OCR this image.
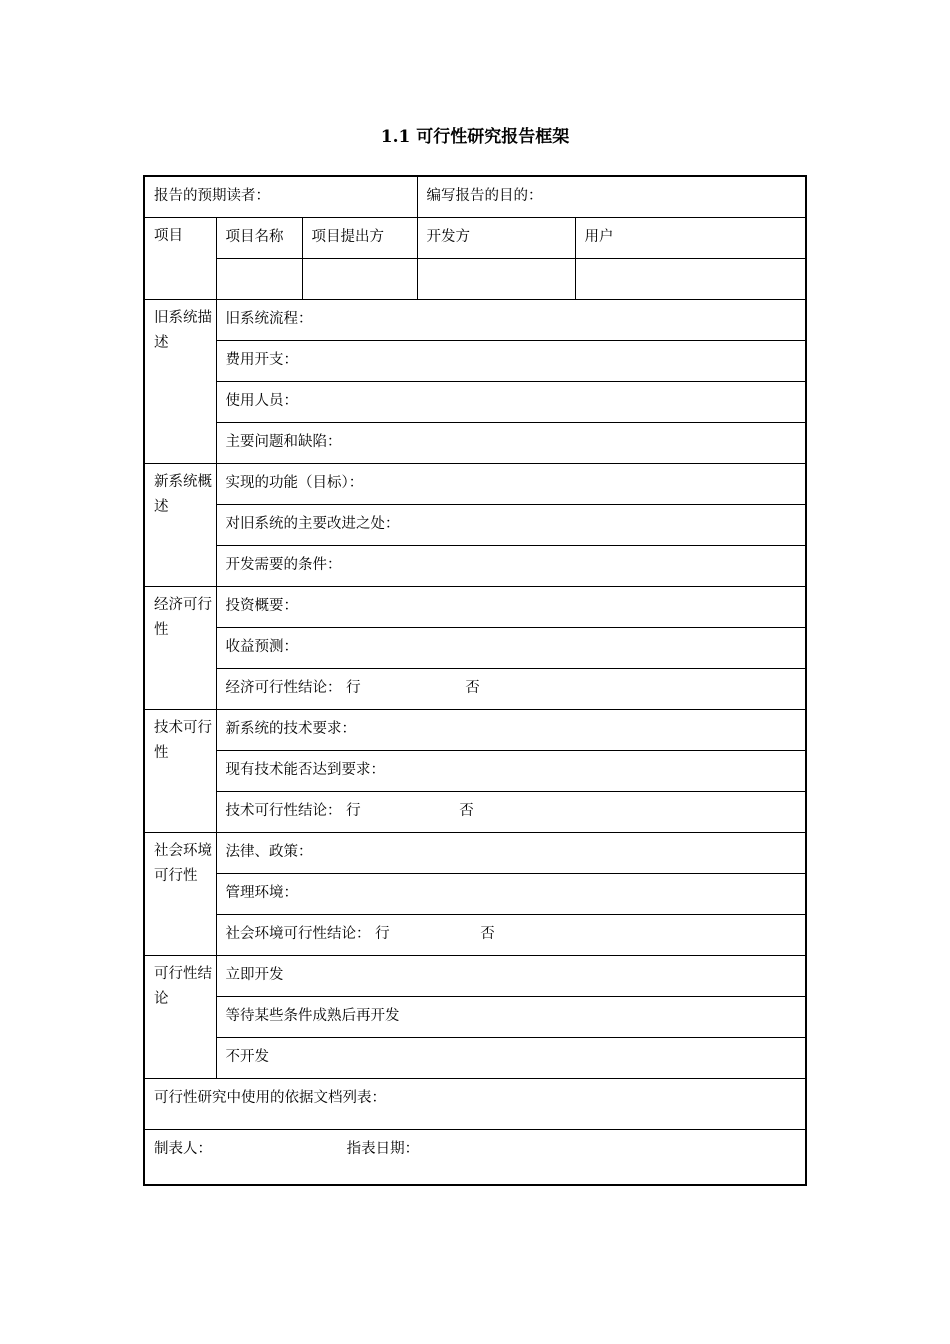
1.1 可行性研究报告框架
报告的预期读者：			编写报告的目的：	
项目	项目名称	项目提出方	开发方	用户

旧系统描述	旧系统流程：			
	费用开支：			
	使用人员：			
	主要问题和缺陷：			
新系统概述	实现的功能（目标）：			
	对旧系统的主要改进之处：			
	开发需要的条件：			
经济可行性	投资概要：			
	收益预测：			
	经济可行性结论： 行 否			
技术可行性	新系统的技术要求：			
	现有技术能否达到要求：			
	技术可行性结论： 行 否			
社会环境可行性	法律、政策：			
	管理环境：			
	社会环境可行性结论： 行 否			
可行性结论	立即开发			
	等待某些条件成熟后再开发			
	不开发			
可行性研究中使用的依据文档列表：				
制表人： 指表日期：				
